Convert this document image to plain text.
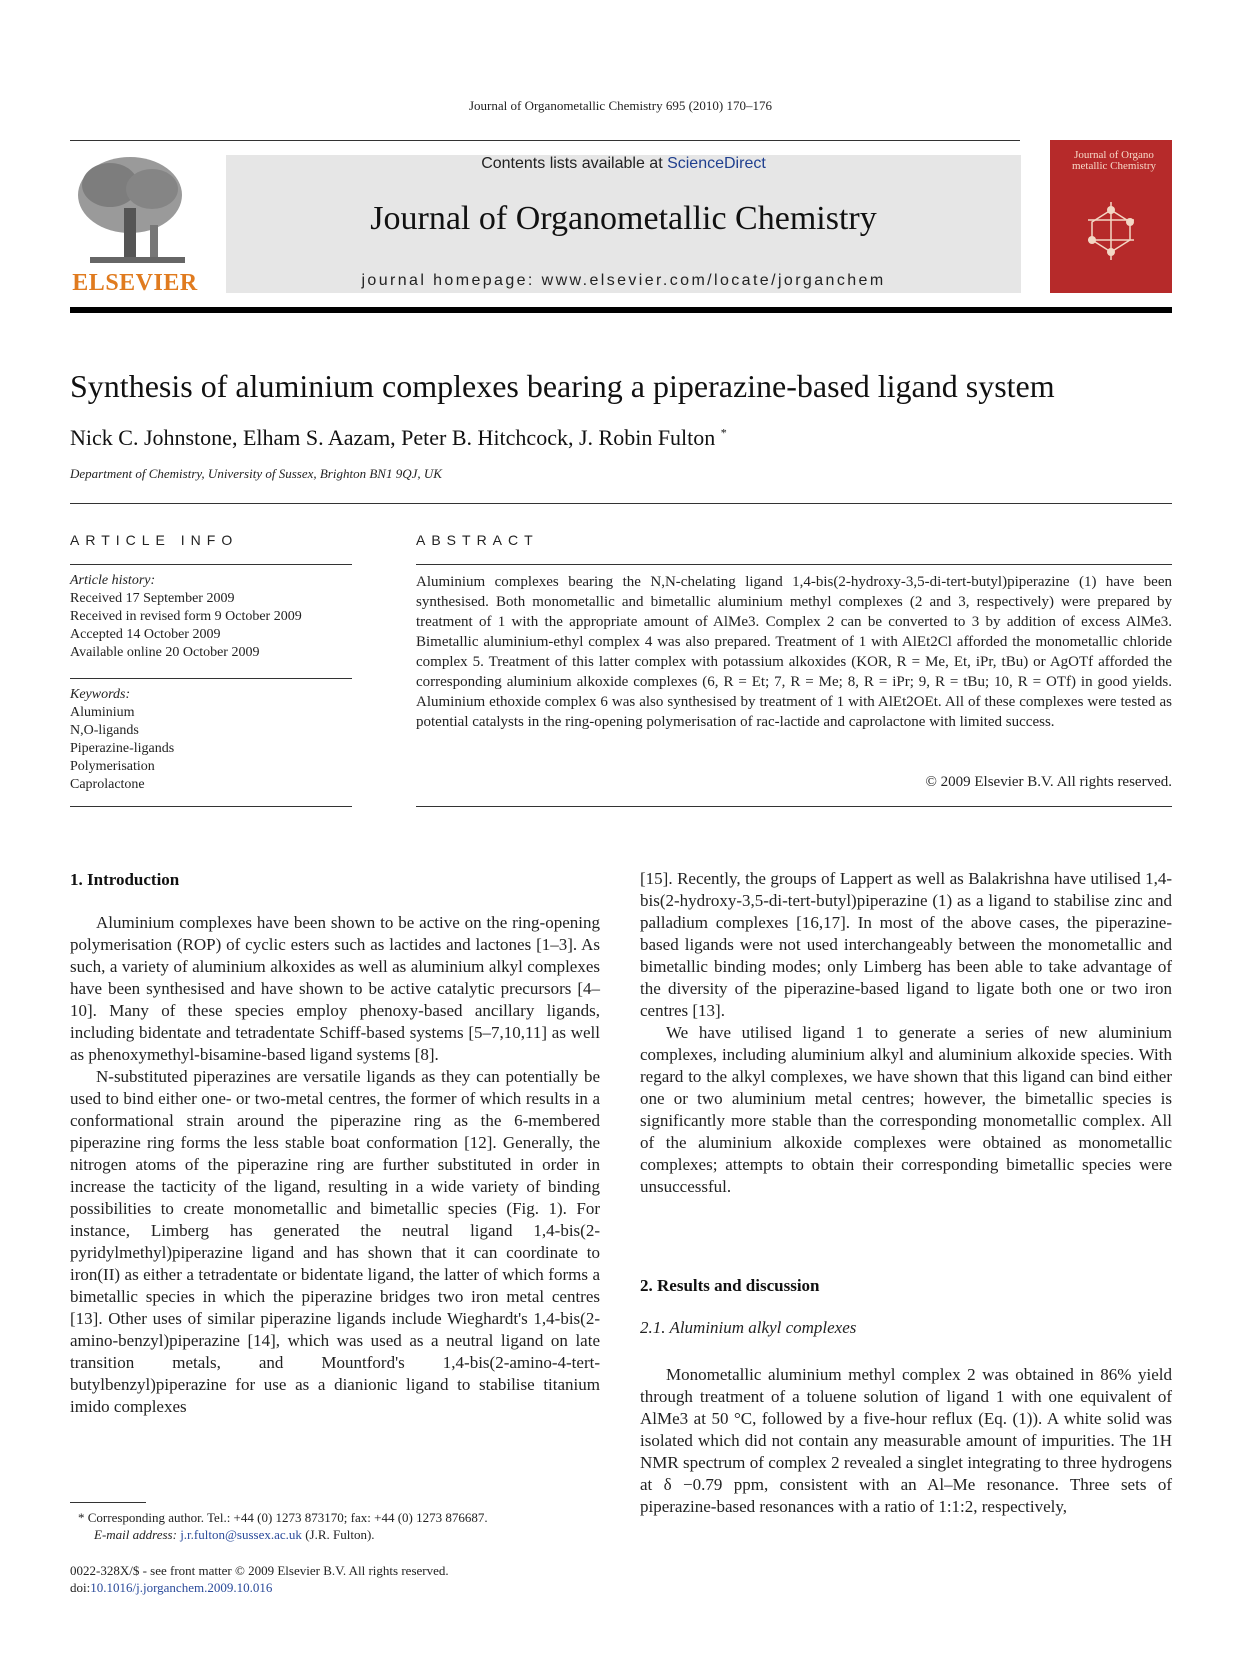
Journal of Organometallic Chemistry 695 (2010) 170–176
ELSEVIER
Contents lists available at ScienceDirect
Journal of Organometallic Chemistry
journal homepage: www.elsevier.com/locate/jorganchem
Journal of Organo metallic Chemistry
Synthesis of aluminium complexes bearing a piperazine-based ligand system
Nick C. Johnstone, Elham S. Aazam, Peter B. Hitchcock, J. Robin Fulton *
Department of Chemistry, University of Sussex, Brighton BN1 9QJ, UK
ARTICLE INFO
Article history:
Received 17 September 2009
Received in revised form 9 October 2009
Accepted 14 October 2009
Available online 20 October 2009
Keywords:
Aluminium
N,O-ligands
Piperazine-ligands
Polymerisation
Caprolactone
ABSTRACT
Aluminium complexes bearing the N,N-chelating ligand 1,4-bis(2-hydroxy-3,5-di-tert-butyl)piperazine (1) have been synthesised. Both monometallic and bimetallic aluminium methyl complexes (2 and 3, respectively) were prepared by treatment of 1 with the appropriate amount of AlMe3. Complex 2 can be converted to 3 by addition of excess AlMe3. Bimetallic aluminium-ethyl complex 4 was also prepared. Treatment of 1 with AlEt2Cl afforded the monometallic chloride complex 5. Treatment of this latter complex with potassium alkoxides (KOR, R = Me, Et, iPr, tBu) or AgOTf afforded the corresponding aluminium alkoxide complexes (6, R = Et; 7, R = Me; 8, R = iPr; 9, R = tBu; 10, R = OTf) in good yields. Aluminium ethoxide complex 6 was also synthesised by treatment of 1 with AlEt2OEt. All of these complexes were tested as potential catalysts in the ring-opening polymerisation of rac-lactide and caprolactone with limited success.
© 2009 Elsevier B.V. All rights reserved.
1. Introduction

Aluminium complexes have been shown to be active on the ring-opening polymerisation (ROP) of cyclic esters such as lactides and lactones [1–3]. As such, a variety of aluminium alkoxides as well as aluminium alkyl complexes have been synthesised and have shown to be active catalytic precursors [4–10]. Many of these species employ phenoxy-based ancillary ligands, including bidentate and tetradentate Schiff-based systems [5–7,10,11] as well as phenoxymethyl-bisamine-based ligand systems [8].

N-substituted piperazines are versatile ligands as they can potentially be used to bind either one- or two-metal centres, the former of which results in a conformational strain around the piperazine ring as the 6-membered piperazine ring forms the less stable boat conformation [12]. Generally, the nitrogen atoms of the piperazine ring are further substituted in order in increase the tacticity of the ligand, resulting in a wide variety of binding possibilities to create monometallic and bimetallic species (Fig. 1). For instance, Limberg has generated the neutral ligand 1,4-bis(2-pyridylmethyl)piperazine ligand and has shown that it can coordinate to iron(II) as either a tetradentate or bidentate ligand, the latter of which forms a bimetallic species in which the piperazine bridges two iron metal centres [13]. Other uses of similar piperazine ligands include Wieghardt's 1,4-bis(2-amino-benzyl)piperazine [14], which was used as a neutral ligand on late transition metals, and Mountford's 1,4-bis(2-amino-4-tert-butylbenzyl)piperazine for use as a dianionic ligand to stabilise titanium imido complexes

* Corresponding author. Tel.: +44 (0) 1273 873170; fax: +44 (0) 1273 876687.
E-mail address: j.r.fulton@sussex.ac.uk (J.R. Fulton).
0022-328X/$ - see front matter © 2009 Elsevier B.V. All rights reserved.
doi:10.1016/j.jorganchem.2009.10.016

[15]. Recently, the groups of Lappert as well as Balakrishna have utilised 1,4-bis(2-hydroxy-3,5-di-tert-butyl)piperazine (1) as a ligand to stabilise zinc and palladium complexes [16,17]. In most of the above cases, the piperazine-based ligands were not used interchangeably between the monometallic and bimetallic binding modes; only Limberg has been able to take advantage of the diversity of the piperazine-based ligand to ligate both one or two iron centres [13].

We have utilised ligand 1 to generate a series of new aluminium complexes, including aluminium alkyl and aluminium alkoxide species. With regard to the alkyl complexes, we have shown that this ligand can bind either one or two aluminium metal centres; however, the bimetallic species is significantly more stable than the corresponding monometallic complex. All of the aluminium alkoxide complexes were obtained as monometallic complexes; attempts to obtain their corresponding bimetallic species were unsuccessful.

2. Results and discussion
2.1. Aluminium alkyl complexes

Monometallic aluminium methyl complex 2 was obtained in 86% yield through treatment of a toluene solution of ligand 1 with one equivalent of AlMe3 at 50 °C, followed by a five-hour reflux (Eq. (1)). A white solid was isolated which did not contain any measurable amount of impurities. The 1H NMR spectrum of complex 2 revealed a singlet integrating to three hydrogens at δ −0.79 ppm, consistent with an Al–Me resonance. Three sets of piperazine-based resonances with a ratio of 1:1:2, respectively,
